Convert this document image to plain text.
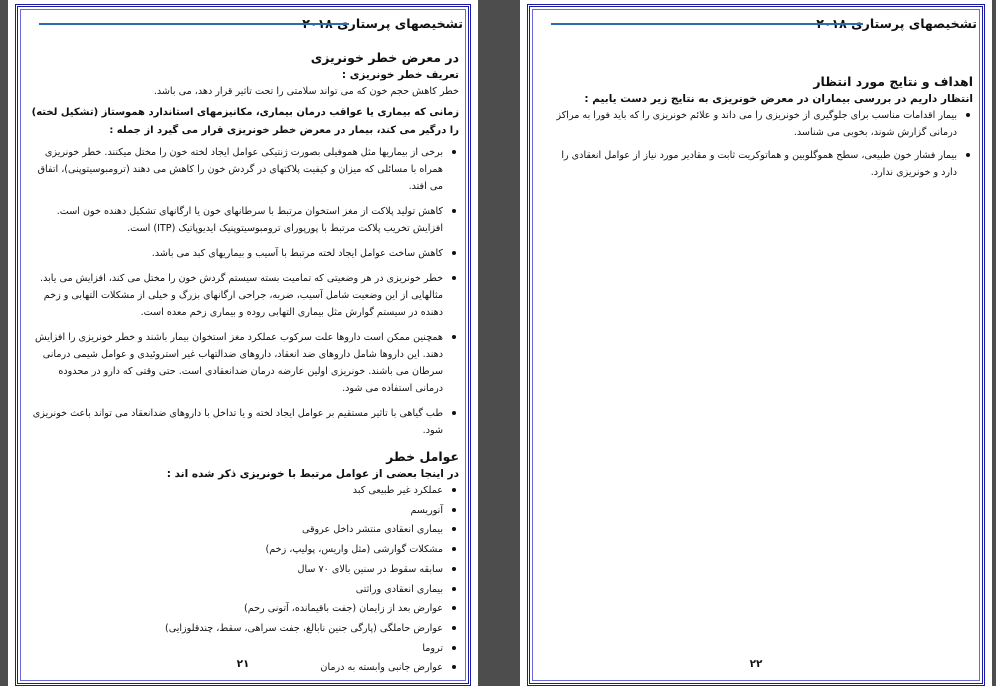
تشخیصهای پرستاری ۲۰۱۸
در معرض خطر خونریزی
تعریف خطر خونریزی :

خطر کاهش حجم خون که می تواند سلامتی را تحت تاثیر قرار دهد، می باشد.

زمانی که بیماری یا عواقب درمان بیماری، مکانیزمهای استاندارد هموستاز (تشکیل لخته) را درگیر می کند، بیمار در معرض خطر خونریزی قرار می گیرد از جمله :
برخی از بیماریها مثل هموفیلی بصورت ژنتیکی عوامل ایجاد لخته خون را مختل میکنند. خطر خونریزی همراه با مسائلی که میزان و کیفیت پلاکتهای در گردش خون را کاهش می دهند (ترومبوسیتوپنی)، اتفاق می افتد.
کاهش تولید پلاکت از مغز استخوان مرتبط با سرطانهای خون یا ارگانهای تشکیل دهنده خون است. افزایش تخریب پلاکت مرتبط با پورپورای ترومبوسیتوپنیک ایدیوپاتیک (ITP) است.
کاهش ساخت عوامل ایجاد لخته مرتبط با آسیب و بیماریهای کبد می باشد.
خطر خونریزی در هر وضعیتی که تمامیت بسته سیستم گردش خون را مختل می کند، افزایش می یابد. مثالهایی از این وضعیت شامل آسیب، ضربه، جراحی ارگانهای بزرگ و خیلی از مشکلات التهابی و زخم دهنده در سیستم گوارش مثل بیماری التهابی روده و بیماری زخم معده است.
همچنین ممکن است داروها علت سرکوب عملکرد مغز استخوان بیمار باشند و خطر خونریزی را افزایش دهند. این داروها شامل داروهای ضد انعقاد، داروهای ضدالتهاب غیر استروئیدی و عوامل شیمی درمانی سرطان می باشند. خونریزی اولین عارضه درمان ضدانعقادی است. حتی وقتی که دارو در محدوده درمانی استفاده می شود.
طب گیاهی با تاثیر مستقیم بر عوامل ایجاد لخته و یا تداخل با داروهای ضدانعقاد می تواند باعث خونریزی شود.
عوامل خطر
در اینجا بعضی از عوامل مرتبط با خونریزی ذکر شده اند :
عملکرد غیر طبیعی کبد
آنوریسم
بیماری انعقادی منتشر داخل عروقی
مشکلات گوارشی (مثل واریس، پولیپ، زخم)
سابقه سقوط در سنین بالای ۷۰ سال
بیماری انعقادی وراثتی
عوارض بعد از زایمان (جفت باقیمانده، آتونی رحم)
عوارض حاملگی (پارگی جنین نابالغ، جفت سراهی، سقط، چندقلوزایی)
تروما
عوارض جانبی وابسته به درمان
۲۱
تشخیصهای پرستاری ۲۰۱۸
اهداف و نتایج مورد انتظار
انتظار داریم در بررسی بیماران در معرض خونریزی به نتایج زیر دست یابیم :
بیمار اقدامات مناسب برای جلوگیری از خونریزی را می داند و علائم خونریزی را که باید فورا به مراکز درمانی گزارش شوند، بخوبی می شناسد.
بیمار فشار خون طبیعی، سطح هموگلوبین و هماتوکریت ثابت و مقادیر مورد نیاز از عوامل انعقادی را دارد و خونریزی ندارد.
۲۲
